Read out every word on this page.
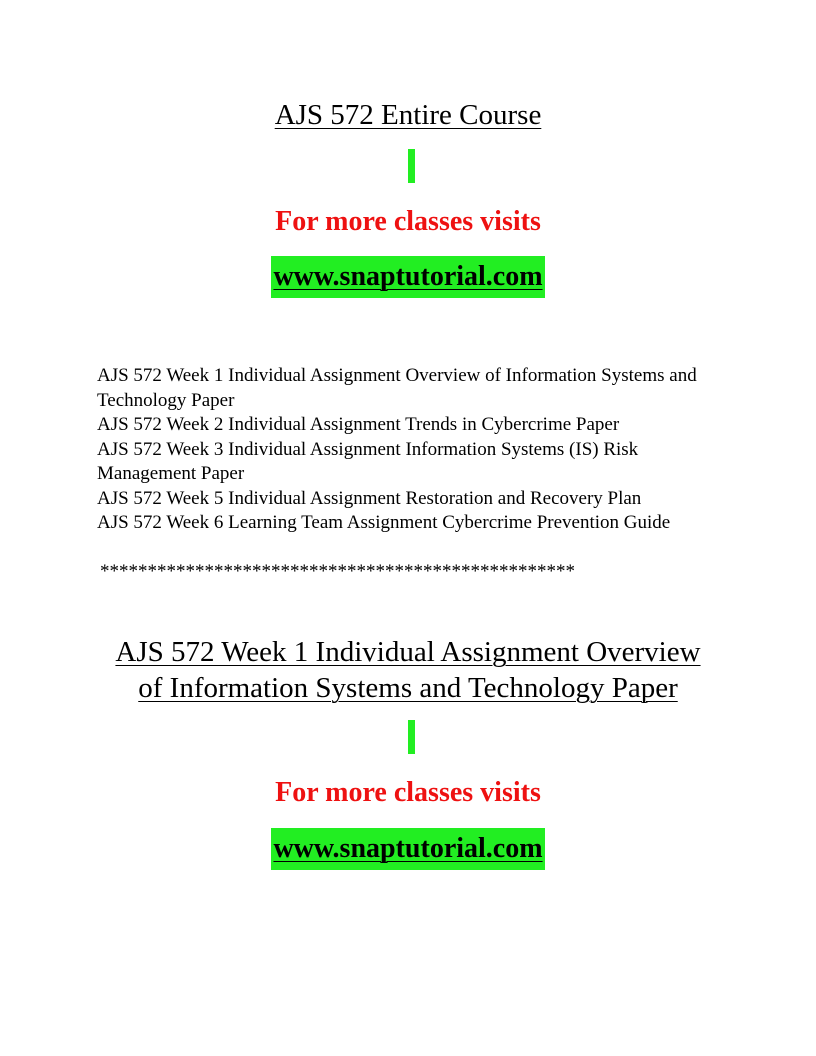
AJS 572 Entire Course
For more classes visits
www.snaptutorial.com

AJS 572 Week 1 Individual Assignment Overview of Information Systems and Technology Paper

AJS 572 Week 2 Individual Assignment Trends in Cybercrime Paper

AJS 572 Week 3 Individual Assignment Information Systems (IS) Risk Management Paper

AJS 572 Week 5 Individual Assignment Restoration and Recovery Plan

AJS 572 Week 6 Learning Team Assignment Cybercrime Prevention Guide

**************************************************
AJS 572 Week 1 Individual Assignment Overview
of Information Systems and Technology Paper
For more classes visits
www.snaptutorial.com
